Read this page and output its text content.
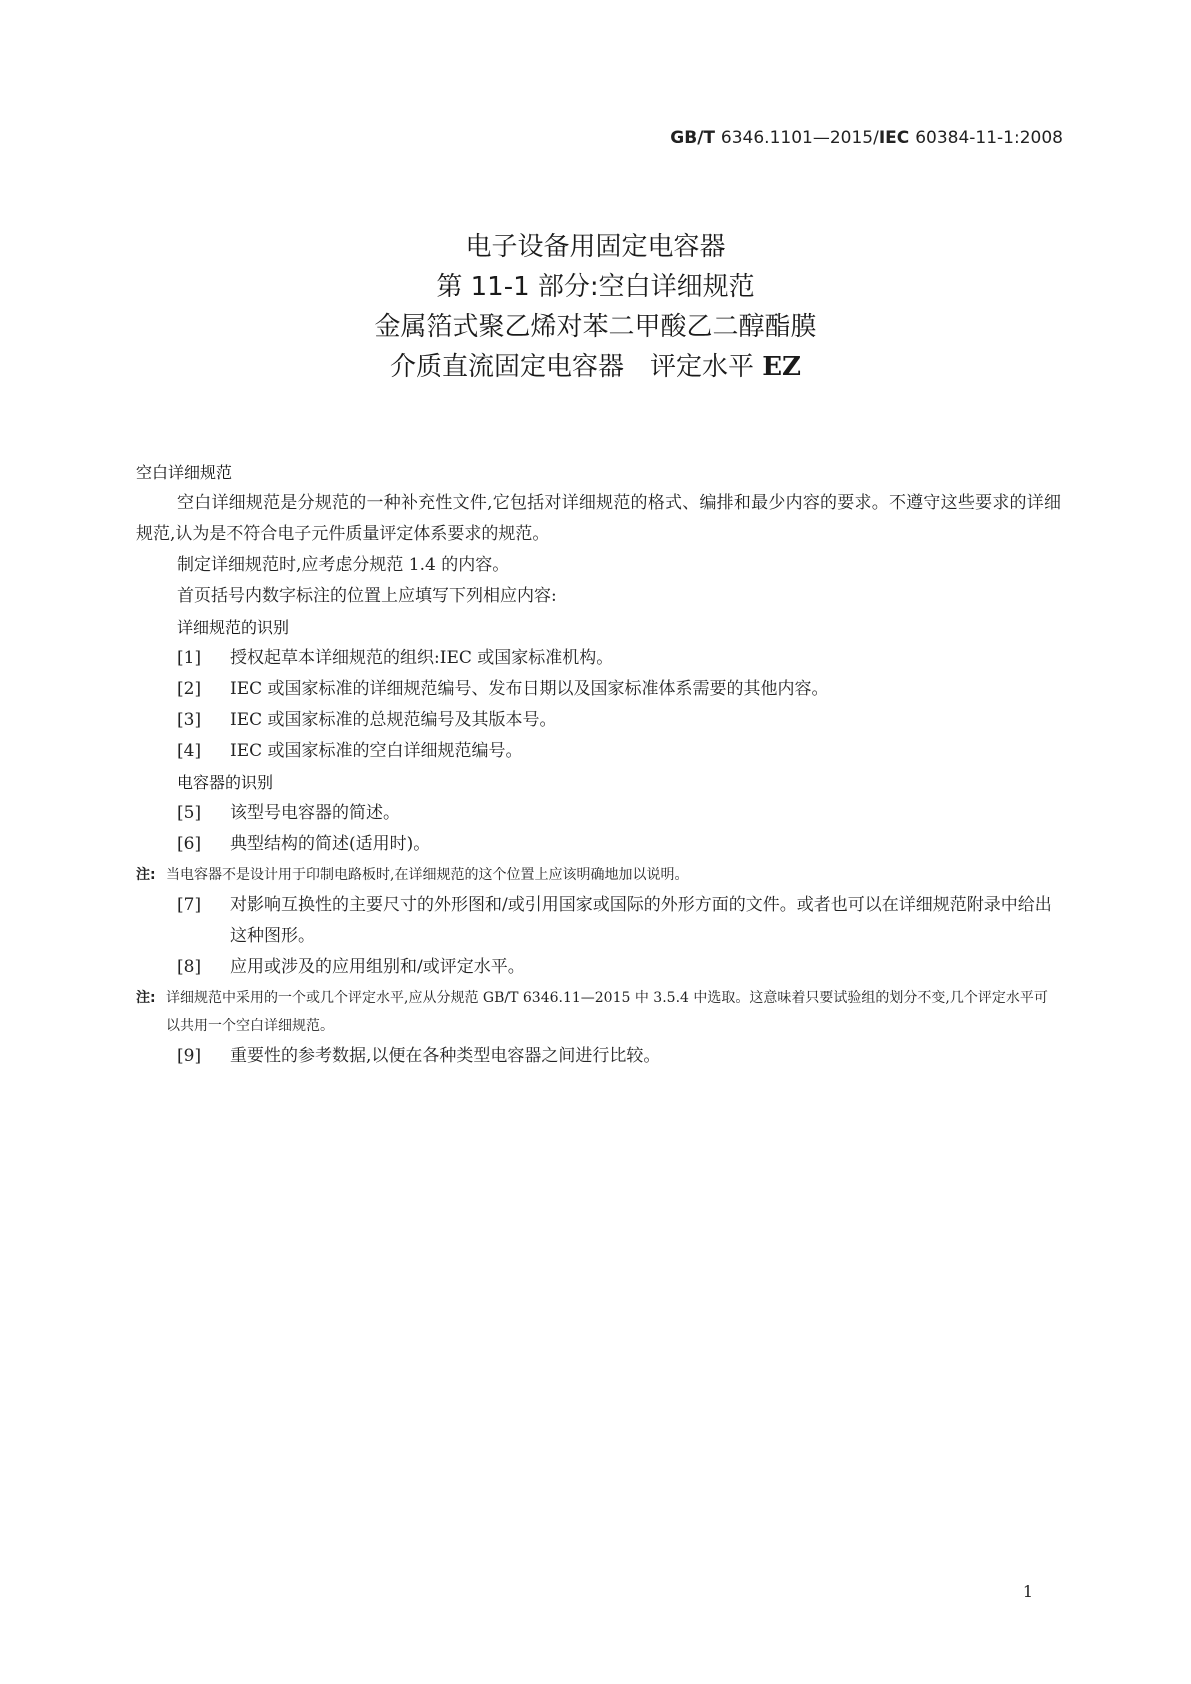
GB/T 6346.1101—2015/IEC 60384-11-1:2008
电子设备用固定电容器
第 11-1 部分:空白详细规范
金属箔式聚乙烯对苯二甲酸乙二醇酯膜
介质直流固定电容器　评定水平 EZ
空白详细规范
空白详细规范是分规范的一种补充性文件,它包括对详细规范的格式、编排和最少内容的要求。不遵守这些要求的详细规范,认为是不符合电子元件质量评定体系要求的规范。
制定详细规范时,应考虑分规范 1.4 的内容。
首页括号内数字标注的位置上应填写下列相应内容:
详细规范的识别
[1]	授权起草本详细规范的组织:IEC 或国家标准机构。
[2]	IEC 或国家标准的详细规范编号、发布日期以及国家标准体系需要的其他内容。
[3]	IEC 或国家标准的总规范编号及其版本号。
[4]	IEC 或国家标准的空白详细规范编号。
电容器的识别
[5]	该型号电容器的简述。
[6]	典型结构的简述(适用时)。
注: 当电容器不是设计用于印制电路板时,在详细规范的这个位置上应该明确地加以说明。
[7]	对影响互换性的主要尺寸的外形图和/或引用国家或国际的外形方面的文件。或者也可以在详细规范附录中给出这种图形。
[8]	应用或涉及的应用组别和/或评定水平。
注: 详细规范中采用的一个或几个评定水平,应从分规范 GB/T 6346.11—2015 中 3.5.4 中选取。这意味着只要试验组的划分不变,几个评定水平可以共用一个空白详细规范。
[9]	重要性的参考数据,以便在各种类型电容器之间进行比较。
1
